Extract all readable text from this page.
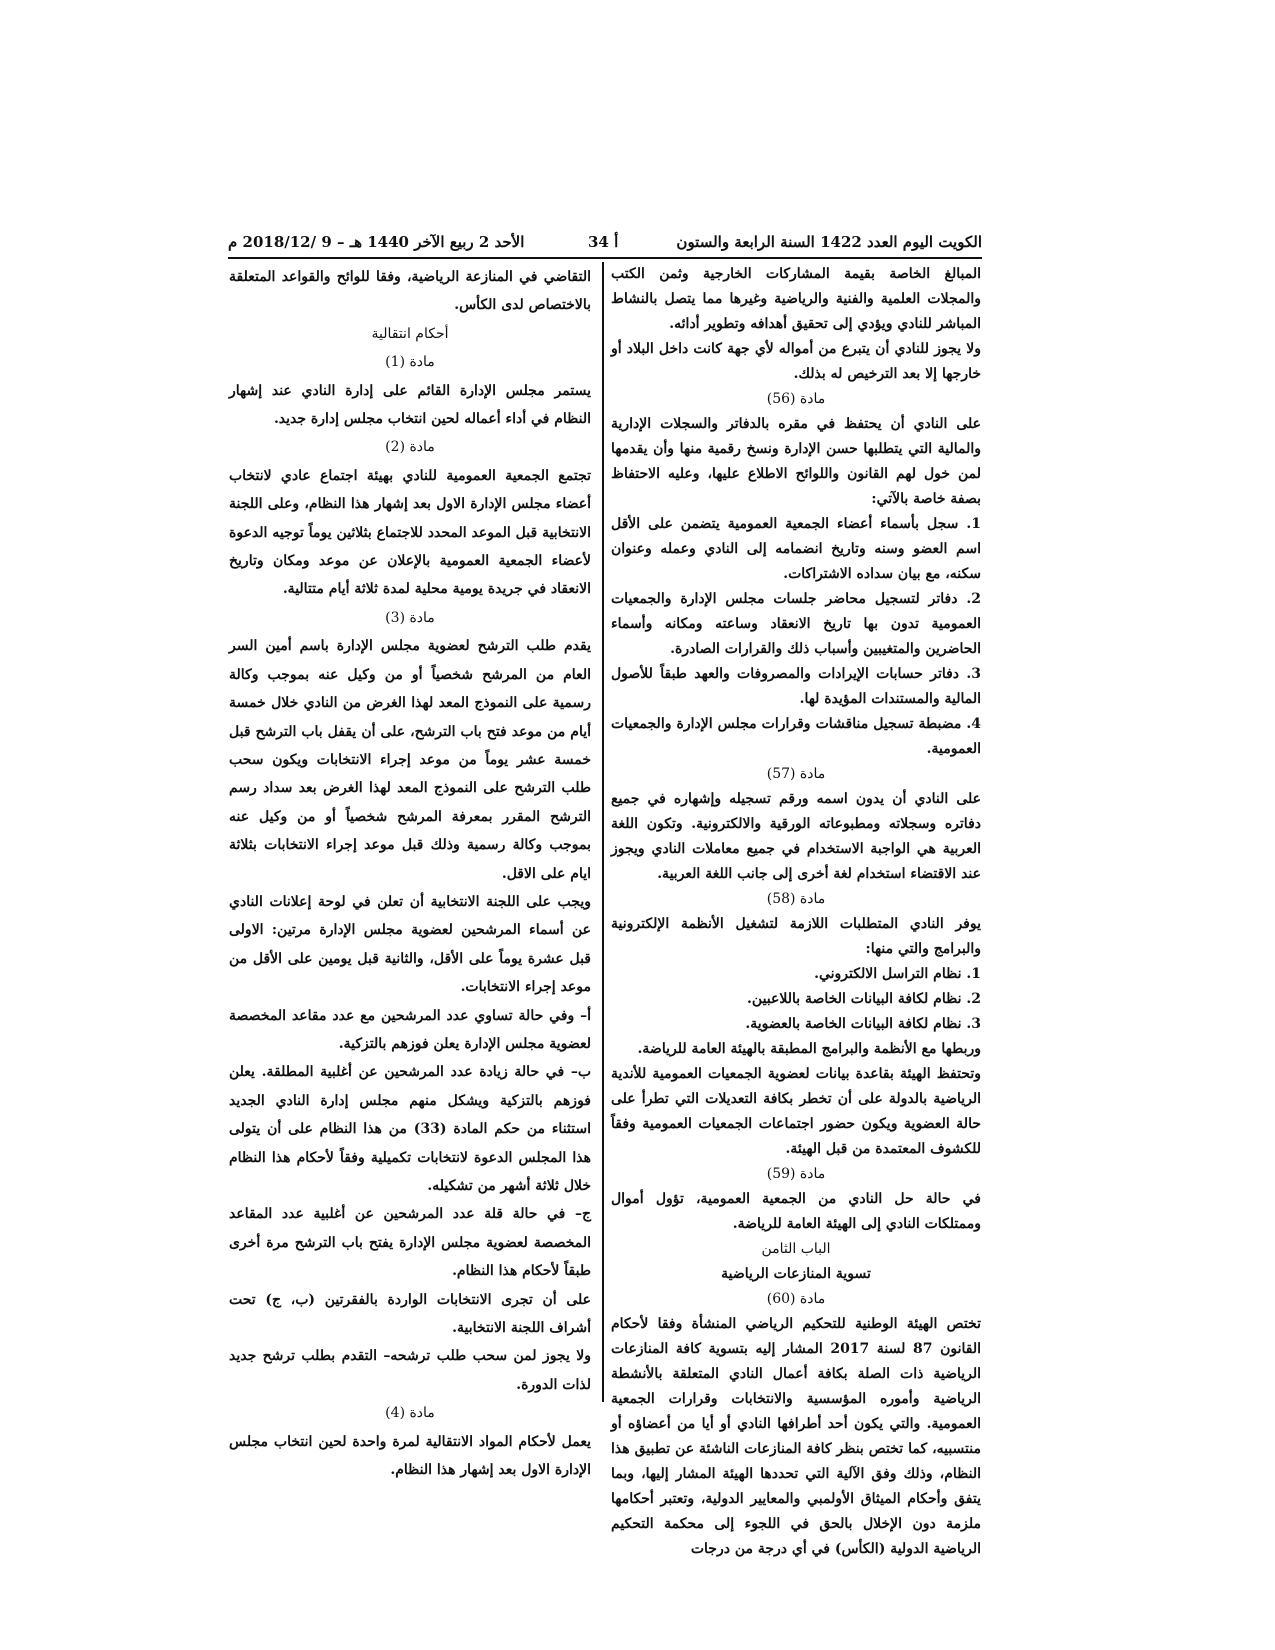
الكويت اليوم العدد 1422 السنة الرابعة والستون
أ 34
الأحد 2 ربيع الآخر 1440 هـ – 9 /2018/12 م

المبالغ الخاصة بقيمة المشاركات الخارجية وثمن الكتب والمجلات العلمية والفنية والرياضية وغيرها مما يتصل بالنشاط المباشر للنادي ويؤدي إلى تحقيق أهدافه وتطوير أدائه.

ولا يجوز للنادي أن يتبرع من أمواله لأي جهة كانت داخل البلاد أو خارجها إلا بعد الترخيص له بذلك.

مادة (56)

على النادي أن يحتفظ في مقره بالدفاتر والسجلات الإدارية والمالية التي يتطلبها حسن الإدارة ونسخ رقمية منها وأن يقدمها لمن خول لهم القانون واللوائح الاطلاع عليها، وعليه الاحتفاظ بصفة خاصة بالآتي:

1. سجل بأسماء أعضاء الجمعية العمومية يتضمن على الأقل اسم العضو وسنه وتاريخ انضمامه إلى النادي وعمله وعنوان سكنه، مع بيان سداده الاشتراكات.

2. دفاتر لتسجيل محاضر جلسات مجلس الإدارة والجمعيات العمومية تدون بها تاريخ الانعقاد وساعته ومكانه وأسماء الحاضرين والمتغيبين وأسباب ذلك والقرارات الصادرة.

3. دفاتر حسابات الإيرادات والمصروفات والعهد طبقاً للأصول المالية والمستندات المؤيدة لها.

4. مضبطة تسجيل مناقشات وقرارات مجلس الإدارة والجمعيات العمومية.

مادة (57)

على النادي أن يدون اسمه ورقم تسجيله وإشهاره في جميع دفاتره وسجلاته ومطبوعاته الورقية والالكترونية. وتكون اللغة العربية هي الواجبة الاستخدام في جميع معاملات النادي ويجوز عند الاقتضاء استخدام لغة أخرى إلى جانب اللغة العربية.

مادة (58)

يوفر النادي المتطلبات اللازمة لتشغيل الأنظمة الإلكترونية والبرامج والتي منها:

1. نظام التراسل الالكتروني.

2. نظام لكافة البيانات الخاصة باللاعبين.

3. نظام لكافة البيانات الخاصة بالعضوية.

وربطها مع الأنظمة والبرامج المطبقة بالهيئة العامة للرياضة.

وتحتفظ الهيئة بقاعدة بيانات لعضوية الجمعيات العمومية للأندية الرياضية بالدولة على أن تخطر بكافة التعديلات التي تطرأ على حالة العضوية ويكون حضور اجتماعات الجمعيات العمومية وفقاً للكشوف المعتمدة من قبل الهيئة.

مادة (59)

في حالة حل النادي من الجمعية العمومية، تؤول أموال وممتلكات النادي إلى الهيئة العامة للرياضة.

الباب الثامن

تسوية المنازعات الرياضية

مادة (60)

تختص الهيئة الوطنية للتحكيم الرياضي المنشأة وفقا لأحكام القانون 87 لسنة 2017 المشار إليه بتسوية كافة المنازعات الرياضية ذات الصلة بكافة أعمال النادي المتعلقة بالأنشطة الرياضية وأموره المؤسسية والانتخابات وقرارات الجمعية العمومية. والتي يكون أحد أطرافها النادي أو أيا من أعضاؤه أو منتسبيه، كما تختص بنظر كافة المنازعات الناشئة عن تطبيق هذا النظام، وذلك وفق الآلية التي تحددها الهيئة المشار إليها، وبما يتفق وأحكام الميثاق الأولمبي والمعايير الدولية، وتعتبر أحكامها ملزمة دون الإخلال بالحق في اللجوء إلى محكمة التحكيم الرياضية الدولية (الكأس) في أي درجة من درجات

التقاضي في المنازعة الرياضية، وفقا للوائح والقواعد المتعلقة بالاختصاص لدى الكأس.

أحكام انتقالية

مادة (1)

يستمر مجلس الإدارة القائم على إدارة النادي عند إشهار النظام في أداء أعماله لحين انتخاب مجلس إدارة جديد.

مادة (2)

تجتمع الجمعية العمومية للنادي بهيئة اجتماع عادي لانتخاب أعضاء مجلس الإدارة الاول بعد إشهار هذا النظام، وعلى اللجنة الانتخابية قبل الموعد المحدد للاجتماع بثلاثين يوماً توجيه الدعوة لأعضاء الجمعية العمومية بالإعلان عن موعد ومكان وتاريخ الانعقاد في جريدة يومية محلية لمدة ثلاثة أيام متتالية.

مادة (3)

يقدم طلب الترشح لعضوية مجلس الإدارة باسم أمين السر العام من المرشح شخصياً أو من وكيل عنه بموجب وكالة رسمية على النموذج المعد لهذا الغرض من النادي خلال خمسة أيام من موعد فتح باب الترشح، على أن يقفل باب الترشح قبل خمسة عشر يوماً من موعد إجراء الانتخابات ويكون سحب طلب الترشح على النموذج المعد لهذا الغرض بعد سداد رسم الترشح المقرر بمعرفة المرشح شخصياً أو من وكيل عنه بموجب وكالة رسمية وذلك قبل موعد إجراء الانتخابات بثلاثة ايام على الاقل.

ويجب على اللجنة الانتخابية أن تعلن في لوحة إعلانات النادي عن أسماء المرشحين لعضوية مجلس الإدارة مرتين: الاولى قبل عشرة يوماً على الأقل، والثانية قبل يومين على الأقل من موعد إجراء الانتخابات.

أ– وفي حالة تساوي عدد المرشحين مع عدد مقاعد المخصصة لعضوية مجلس الإدارة يعلن فوزهم بالتزكية.

ب– في حالة زيادة عدد المرشحين عن أغلبية المطلقة. يعلن فوزهم بالتزكية ويشكل منهم مجلس إدارة النادي الجديد استثناء من حكم المادة (33) من هذا النظام على أن يتولى هذا المجلس الدعوة لانتخابات تكميلية وفقاً لأحكام هذا النظام خلال ثلاثة أشهر من تشكيله.

ج– في حالة قلة عدد المرشحين عن أغلبية عدد المقاعد المخصصة لعضوية مجلس الإدارة يفتح باب الترشح مرة أخرى طبقاً لأحكام هذا النظام.

على أن تجرى الانتخابات الواردة بالفقرتين (ب، ج) تحت أشراف اللجنة الانتخابية.

ولا يجوز لمن سحب طلب ترشحه– التقدم بطلب ترشح جديد لذات الدورة.

مادة (4)

يعمل لأحكام المواد الانتقالية لمرة واحدة لحين انتخاب مجلس الإدارة الاول بعد إشهار هذا النظام.
